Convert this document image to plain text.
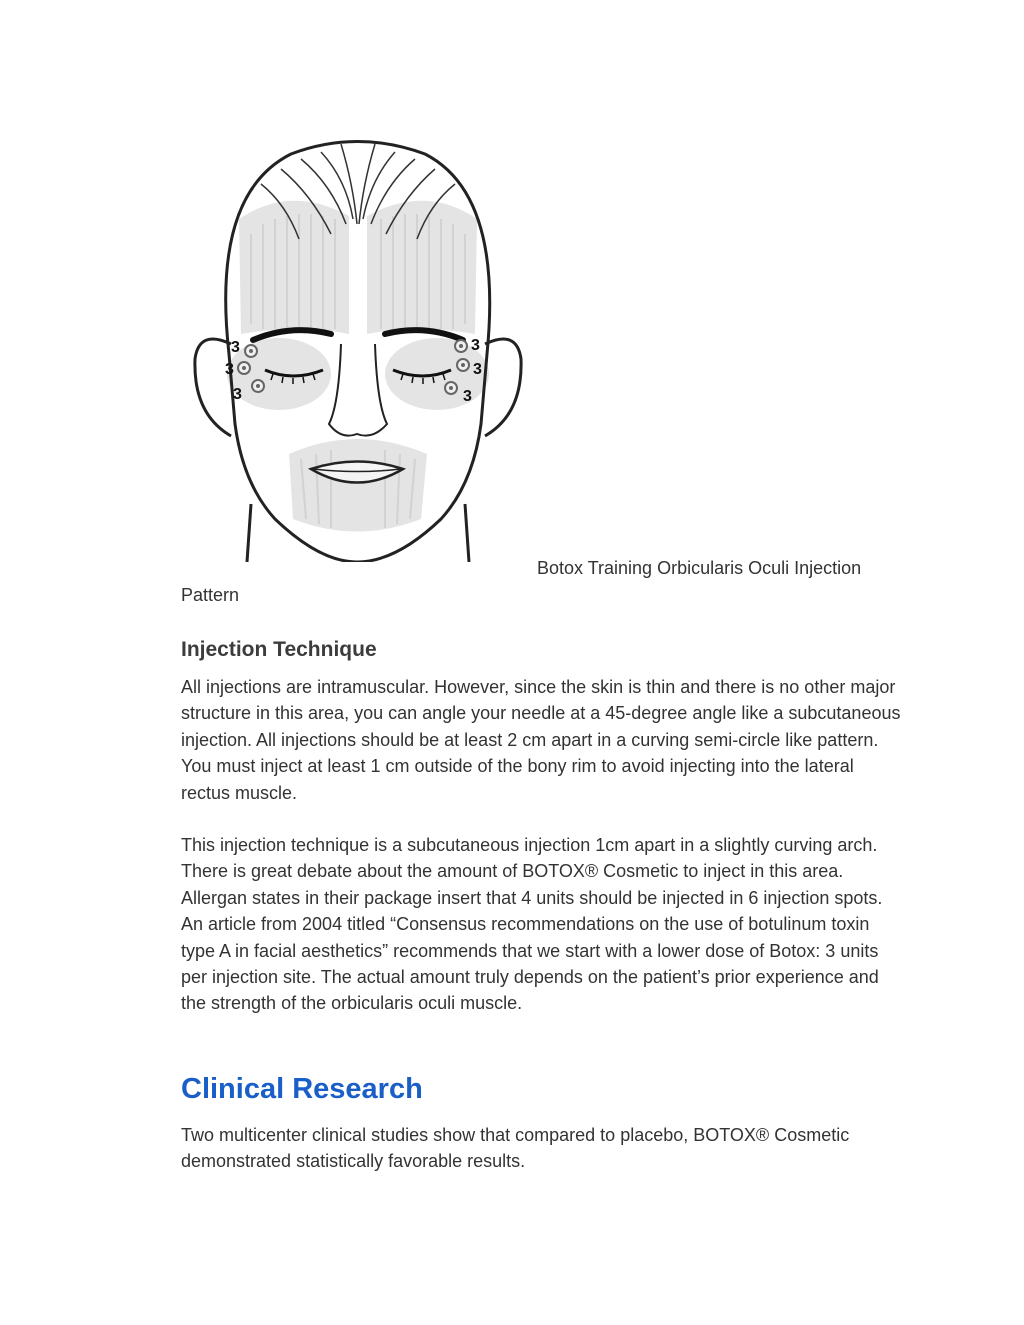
3
3
3
3
3
3
Botox Training Orbicularis Oculi Injection
Pattern
Injection Technique

All injections are intramuscular. However, since the skin is thin and there is no other major structure in this area, you can angle your needle at a 45-degree angle like a subcutaneous injection. All injections should be at least 2 cm apart in a curving semi-circle like pattern. You must inject at least 1 cm outside of the bony rim to avoid injecting into the lateral rectus muscle.

This injection technique is a subcutaneous injection 1cm apart in a slightly curving arch. There is great debate about the amount of BOTOX® Cosmetic to inject in this area. Allergan states in their package insert that 4 units should be injected in 6 injection spots. An article from 2004 titled “Consensus recommendations on the use of botulinum toxin type A in facial aesthetics” recommends that we start with a lower dose of Botox: 3 units per injection site. The actual amount truly depends on the patient’s prior experience and the strength of the orbicularis oculi muscle.

Clinical Research

Two multicenter clinical studies show that compared to placebo, BOTOX® Cosmetic demonstrated statistically favorable results.
